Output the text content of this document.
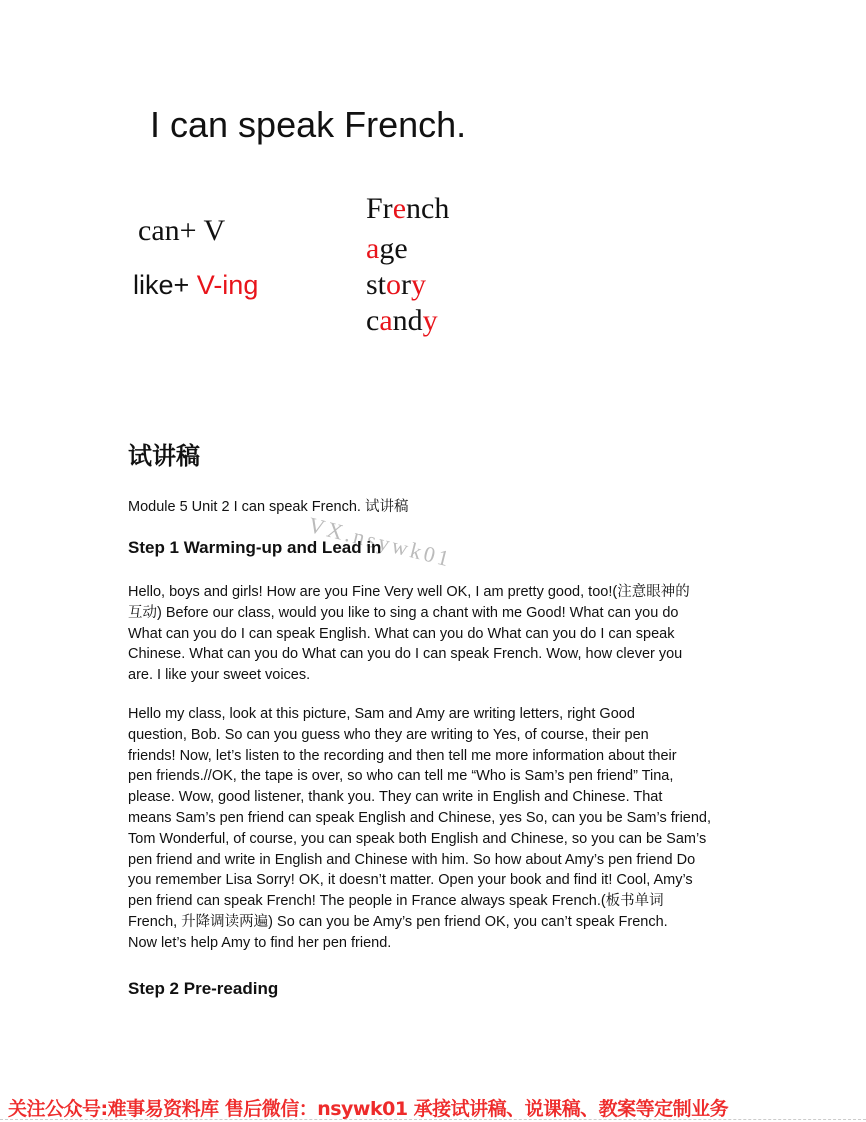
I can speak French.
can+ V
like+ V-ing
French
age
story
candy
试讲稿
Module 5 Unit 2 I can speak French. 试讲稿
VX.nsywk01
Step 1 Warming-up and Lead in
Hello, boys and girls! How are you Fine Very well OK, I am pretty good, too!(注意眼神的
互动) Before our class, would you like to sing a chant with me Good! What can you do
What can you do I can speak English. What can you do What can you do I can speak
Chinese. What can you do What can you do I can speak French. Wow, how clever you
are. I like your sweet voices.
Hello my class, look at this picture, Sam and Amy are writing letters, right Good
question, Bob. So can you guess who they are writing to Yes, of course, their pen
friends! Now, let’s listen to the recording and then tell me more information about their
pen friends.//OK, the tape is over, so who can tell me “Who is Sam’s pen friend” Tina,
please. Wow, good listener, thank you. They can write in English and Chinese. That
means Sam’s pen friend can speak English and Chinese, yes So, can you be Sam’s friend,
Tom Wonderful, of course, you can speak both English and Chinese, so you can be Sam’s
pen friend and write in English and Chinese with him. So how about Amy’s pen friend Do
you remember Lisa Sorry! OK, it doesn’t matter. Open your book and find it! Cool, Amy’s
pen friend can speak French! The people in France always speak French.(板书单词
French, 升降调读两遍) So can you be Amy’s pen friend OK, you can’t speak French.
Now let’s help Amy to find her pen friend.
Step 2 Pre-reading
关注公众号:难事易资料库 售后微信：nsywk01 承接试讲稿、说课稿、教案等定制业务
